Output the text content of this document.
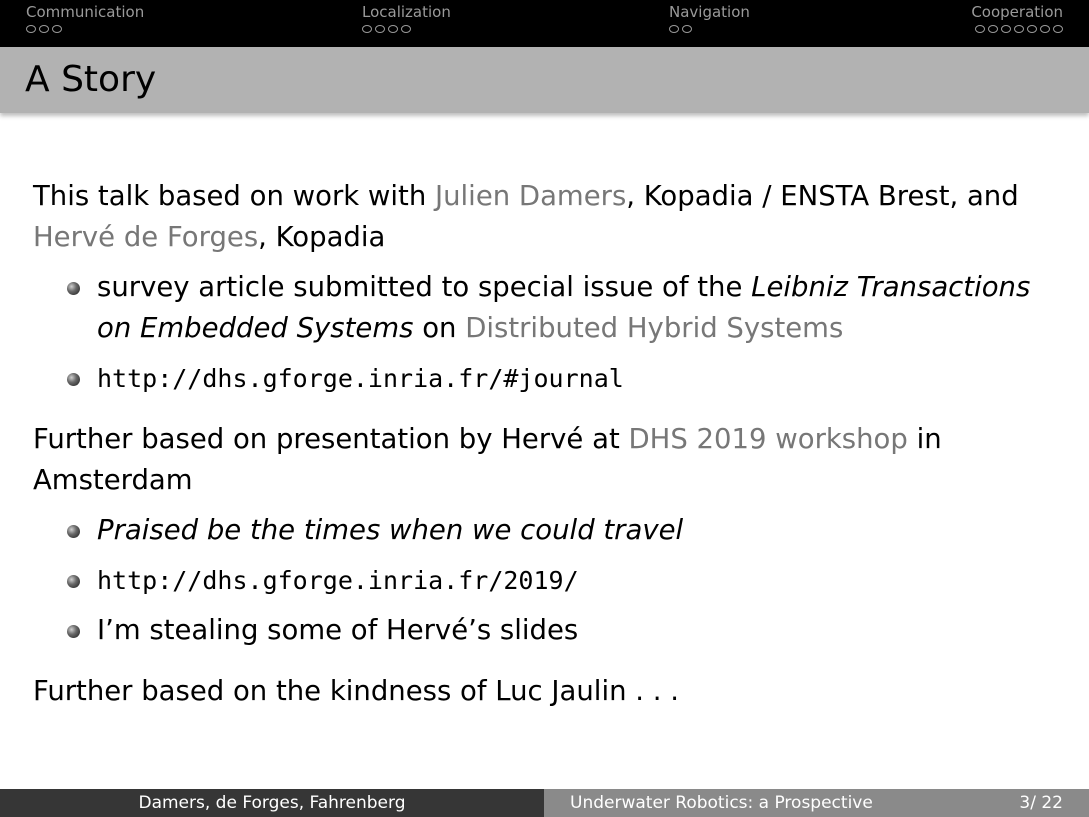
Communication	Localization	Navigation	Cooperation
A Story

This talk based on work with Julien Damers, Kopadia / ENSTA Brest, and Hervé de Forges, Kopadia

survey article submitted to special issue of the Leibniz Transactions on Embedded Systems on Distributed Hybrid Systems
http://dhs.gforge.inria.fr/#journal

Further based on presentation by Hervé at DHS 2019 workshop in Amsterdam

Praised be the times when we could travel
http://dhs.gforge.inria.fr/2019/
I’m stealing some of Hervé’s slides

Further based on the kindness of Luc Jaulin . . .

Damers, de Forges, Fahrenberg	Underwater Robotics: a Prospective	3/ 22
